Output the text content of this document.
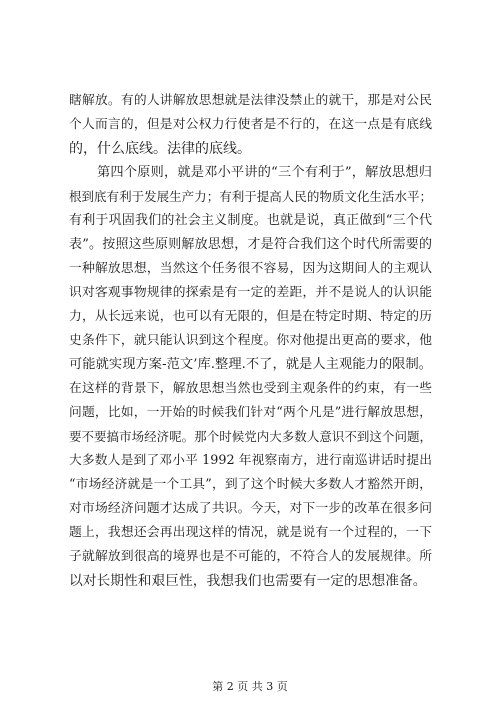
瞎解放。有的人讲解放思想就是法律没禁止的就干，那是对公民
个人而言的，但是对公权力行使者是不行的，在这一点是有底线
的，什么底线。法律的底线。
第四个原则，就是邓小平讲的“三个有利于”，解放思想归
根到底有利于发展生产力；有利于提高人民的物质文化生活水平；
有利于巩固我们的社会主义制度。也就是说，真正做到“三个代
表”。按照这些原则解放思想，才是符合我们这个时代所需要的
一种解放思想，当然这个任务很不容易，因为这期间人的主观认
识对客观事物规律的探索是有一定的差距，并不是说人的认识能
力，从长远来说，也可以有无限的，但是在特定时期、特定的历
史条件下，就只能认识到这个程度。你对他提出更高的要求，他
可能就实现方案-范文’库.整理.不了，就是人主观能力的限制。
在这样的背景下，解放思想当然也受到主观条件的约束，有一些
问题，比如，一开始的时候我们针对“两个凡是”进行解放思想，
要不要搞市场经济呢。那个时候党内大多数人意识不到这个问题，
大多数人是到了邓小平 1992 年视察南方，进行南巡讲话时提出
“市场经济就是一个工具”，到了这个时候大多数人才豁然开朗，
对市场经济问题才达成了共识。今天，对下一步的改革在很多问
题上，我想还会再出现这样的情况，就是说有一个过程的，一下
子就解放到很高的境界也是不可能的，不符合人的发展规律。所
以对长期性和艰巨性，我想我们也需要有一定的思想准备。
第 2 页 共 3 页
